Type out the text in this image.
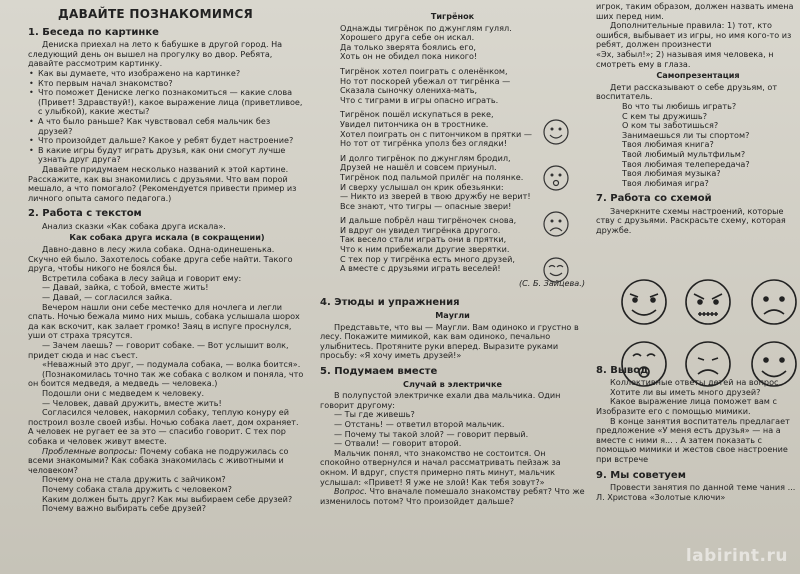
ДАВАЙТЕ ПОЗНАКОМИМСЯ
1. Беседа по картинке

Дениска приехал на лето к бабушке в другой город. На следующий день он вышел на прогулку во двор. Ребята, давайте рассмотрим картинку.

• Как вы думаете, что изображено на картинке?
• Кто первым начал знакомство?
• Что поможет Дениске легко познакомиться — какие слова (Привет! Здравствуй!), какое выражение лица (приветливое, с улыбкой), какие жесты?
• А что было раньше? Как чувствовал себя мальчик без друзей?
• Что произойдет дальше? Какое у ребят будет настроение?
• В какие игры будут играть друзья, как они смогут лучше узнать друг друга?

Давайте придумаем несколько названий к этой картине. Расскажите, как вы знакомились с друзьями. Что вам порой мешало, а что помогало? (Рекомендуется привести пример из личного опыта самого педагога.)

2. Работа с текстом

Анализ сказки «Как собака друга искала».

Как собака друга искала (в сокращении)

Давно-давно в лесу жила собака. Одна-одинешенька. Скучно ей было. Захотелось собаке друга себе найти. Такого друга, чтобы никого не боялся бы.

Встретила собака в лесу зайца и говорит ему:

— Давай, зайка, с тобой, вместе жить!

— Давай, — согласился зайка.

Вечером нашли они себе местечко для ночлега и легли спать. Ночью бежала мимо них мышь, собака услышала шорох да как вскочит, как залает громко! Заяц в испуге проснулся, уши от страха трясутся.

— Зачем лаешь? — говорит собаке. — Вот услышит волк, придет сюда и нас съест.

«Неважный это друг, — подумала собака, — волка боится».

(Познакомилась точно так же собака с волком и поняла, что он боится медведя, а медведь — человека.)

Подошли они с медведем к человеку.

— Человек, давай дружить, вместе жить!

Согласился человек, накормил собаку, теплую конуру ей построил возле своей избы. Ночью собака лает, дом охраняет. А человек не ругает ее за это — спасибо говорит. С тех пор собака и человек живут вместе.

Проблемные вопросы: Почему собака не подружилась со всеми знакомыми? Как собака знакомилась с животными и человеком?

Почему она не стала дружить с зайчиком?

Почему собака стала дружить с человеком?

Каким должен быть друг? Как мы выбираем себе друзей?

Почему важно выбирать себе друзей?

Тигрёнок
Однажды тигрёнок по джунглям гулял.
Хорошего друга себе он искал.
Да только зверята боялись его,
Хоть он не обидел пока никого!
Тигрёнок хотел поиграть с оленёнком,
Но тот поскорей убежал от тигрёнка —
Сказала сыночку олениха-мать,
Что с тиграми в игры опасно играть.
Тигрёнок пошёл искупаться в реке,
Увидел питончика он в тростнике.
Хотел поиграть он с питончиком в прятки —
Но тот от тигрёнка уполз без оглядки!
И долго тигрёнок по джунглям бродил,
Друзей не нашёл и совсем приуныл.
Тигрёнок под пальмой прилёг на полянке.
И сверху услышал он крик обезьянки:
— Никто из зверей в твою дружбу не верит!
Все знают, что тигры — опасные звери!
И дальше побрёл наш тигрёночек снова,
И вдруг он увидел тигрёнка другого.
Так весело стали играть они в прятки,
Что к ним прибежали другие зверятки.
С тех пор у тигрёнка есть много друзей,
А вместе с друзьями играть веселей!
(С. Б. Зайцева.)
4. Этюды и упражнения
Маугли

Представьте, что вы — Маугли. Вам одиноко и грустно в лесу. Покажите мимикой, как вам одиноко, печально улыбнитесь. Протяните руки вперед. Выразите руками просьбу: «Я хочу иметь друзей!»

5. Подумаем вместе
Случай в электричке

В полупустой электричке ехали два мальчика. Один говорит другому:

— Ты где живешь?

— Отстань! — ответил второй мальчик.

— Почему ты такой злой? — говорит первый.

— Отвали! — говорит второй.

Мальчик понял, что знакомство не состоится. Он спокойно отвернулся и начал рассматривать пейзаж за окном. И вдруг, спустя примерно пять минут, мальчик услышал: «Привет! Я уже не злой! Как тебя зовут?»

Вопрос. Что вначале помешало знакомству ребят? Что же изменилось потом? Что произойдет дальше?

игрок, таким образом, должен назвать имена

ших перед ним.

Дополнительные правила: 1) тот, кто ошибся, выбывает из игры, но имя кого-то из ребят, должен произнести

«Эх, забыл!»; 2) называя имя человека, н

смотреть ему в глаза.

Самопрезентация

Дети рассказывают о себе друзьям, от воспитатель.

Во что ты любишь играть?
С кем ты дружишь?
О ком ты заботишься?
Занимаешься ли ты спортом?
Твоя любимая книга?
Твой любимый мультфильм?
Твоя любимая телепередача?
Твоя любимая музыка?
Твоя любимая игра?
7. Работа со схемой

Зачеркните схемы настроений, которые ству с друзьями. Раскрасьте схему, которая дружбе.

8. Вывод

Коллективные ответы детей на вопрос

Хотите ли вы иметь много друзей?

Какое выражение лица поможет вам с

Изобразите его с помощью мимики.

В конце занятия воспитатель предлагает предложение «У меня есть друзья» — на а вместе с ними я... . А затем показать с помощью мимики и жестов свое настроение при встрече

9. Мы советуем

Провести занятия по данной теме чания ... Л. Христова «Золотые ключи»

labirint.ru
